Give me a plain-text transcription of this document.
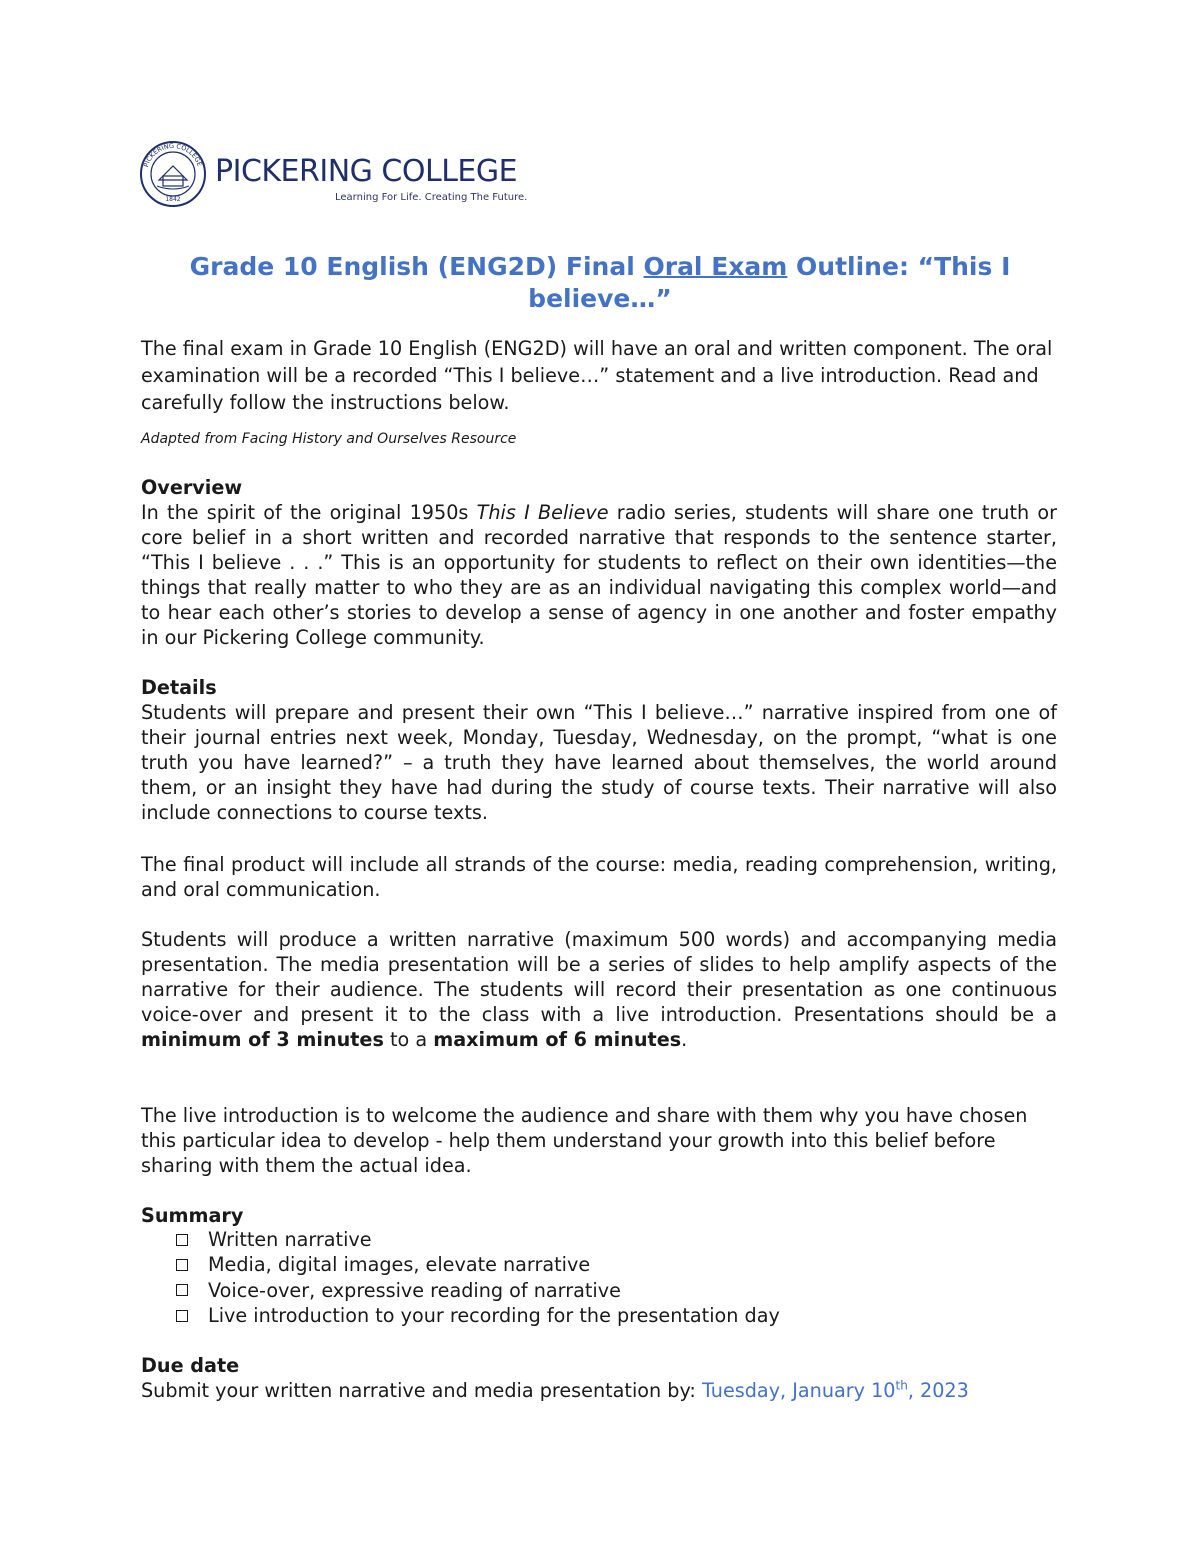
PICKERING COLLEGE
1842
PICKERING COLLEGE
Learning For Life. Creating The Future.
Grade 10 English (ENG2D) Final Oral Exam Outline: “This I believe…”
The final exam in Grade 10 English (ENG2D) will have an oral and written component. The oral examination will be a recorded “This I believe…” statement and a live introduction. Read and carefully follow the instructions below.
Adapted from Facing History and Ourselves Resource
Overview
In the spirit of the original 1950s This I Believe radio series, students will share one truth or core belief in a short written and recorded narrative that responds to the sentence starter, “This I believe . . .” This is an opportunity for students to reflect on their own identities—the things that really matter to who they are as an individual navigating this complex world—and to hear each other’s stories to develop a sense of agency in one another and foster empathy in our Pickering College community.
Details
Students will prepare and present their own “This I believe…” narrative inspired from one of their journal entries next week, Monday, Tuesday, Wednesday, on the prompt, “what is one truth you have learned?” – a truth they have learned about themselves, the world around them, or an insight they have had during the study of course texts. Their narrative will also include connections to course texts.
The final product will include all strands of the course: media, reading comprehension, writing, and oral communication.
Students will produce a written narrative (maximum 500 words) and accompanying media presentation. The media presentation will be a series of slides to help amplify aspects of the narrative for their audience. The students will record their presentation as one continuous voice-over and present it to the class with a live introduction. Presentations should be a minimum of 3 minutes to a maximum of 6 minutes.
The live introduction is to welcome the audience and share with them why you have chosen this particular idea to develop - help them understand your growth into this belief before sharing with them the actual idea.
Summary
Written narrative
Media, digital images, elevate narrative
Voice-over, expressive reading of narrative
Live introduction to your recording for the presentation day
Due date
Submit your written narrative and media presentation by: Tuesday, January 10th, 2023
